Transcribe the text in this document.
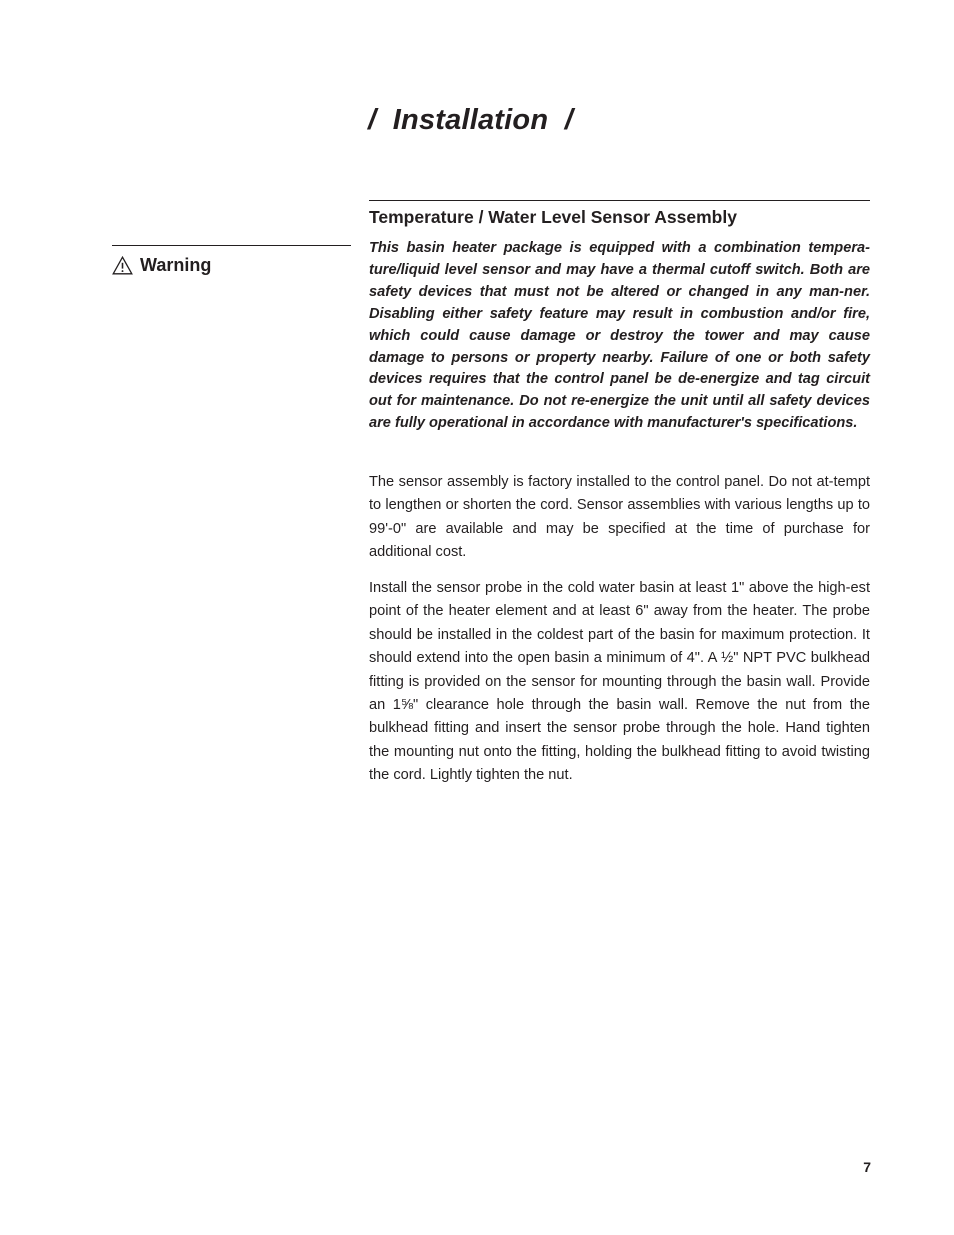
/  Installation  /
Warning
Temperature / Water Level Sensor Assembly

This basin heater package is equipped with a combination tempera-ture/liquid level sensor and may have a thermal cutoff switch. Both are safety devices that must not be altered or changed in any man-ner. Disabling either safety feature may result in combustion and/or fire, which could cause damage or destroy the tower and may cause damage to persons or property nearby. Failure of one or both safety devices requires that the control panel be de-energize and tag circuit out for maintenance. Do not re-energize the unit until all safety devices are fully operational in accordance with manufacturer's specifications.

The sensor assembly is factory installed to the control panel. Do not at-tempt to lengthen or shorten the cord. Sensor assemblies with various lengths up to 99'-0" are available and may be specified at the time of purchase for additional cost.

Install the sensor probe in the cold water basin at least 1" above the high-est point of the heater element and at least 6" away from the heater. The probe should be installed in the coldest part of the basin for maximum protection. It should extend into the open basin a minimum of 4". A ½" NPT PVC bulkhead fitting is provided on the sensor for mounting through the basin wall. Provide an 1⅝" clearance hole through the basin wall. Remove the nut from the bulkhead fitting and insert the sensor probe through the hole. Hand tighten the mounting nut onto the fitting, holding the bulkhead fitting to avoid twisting the cord. Lightly tighten the nut.

7
